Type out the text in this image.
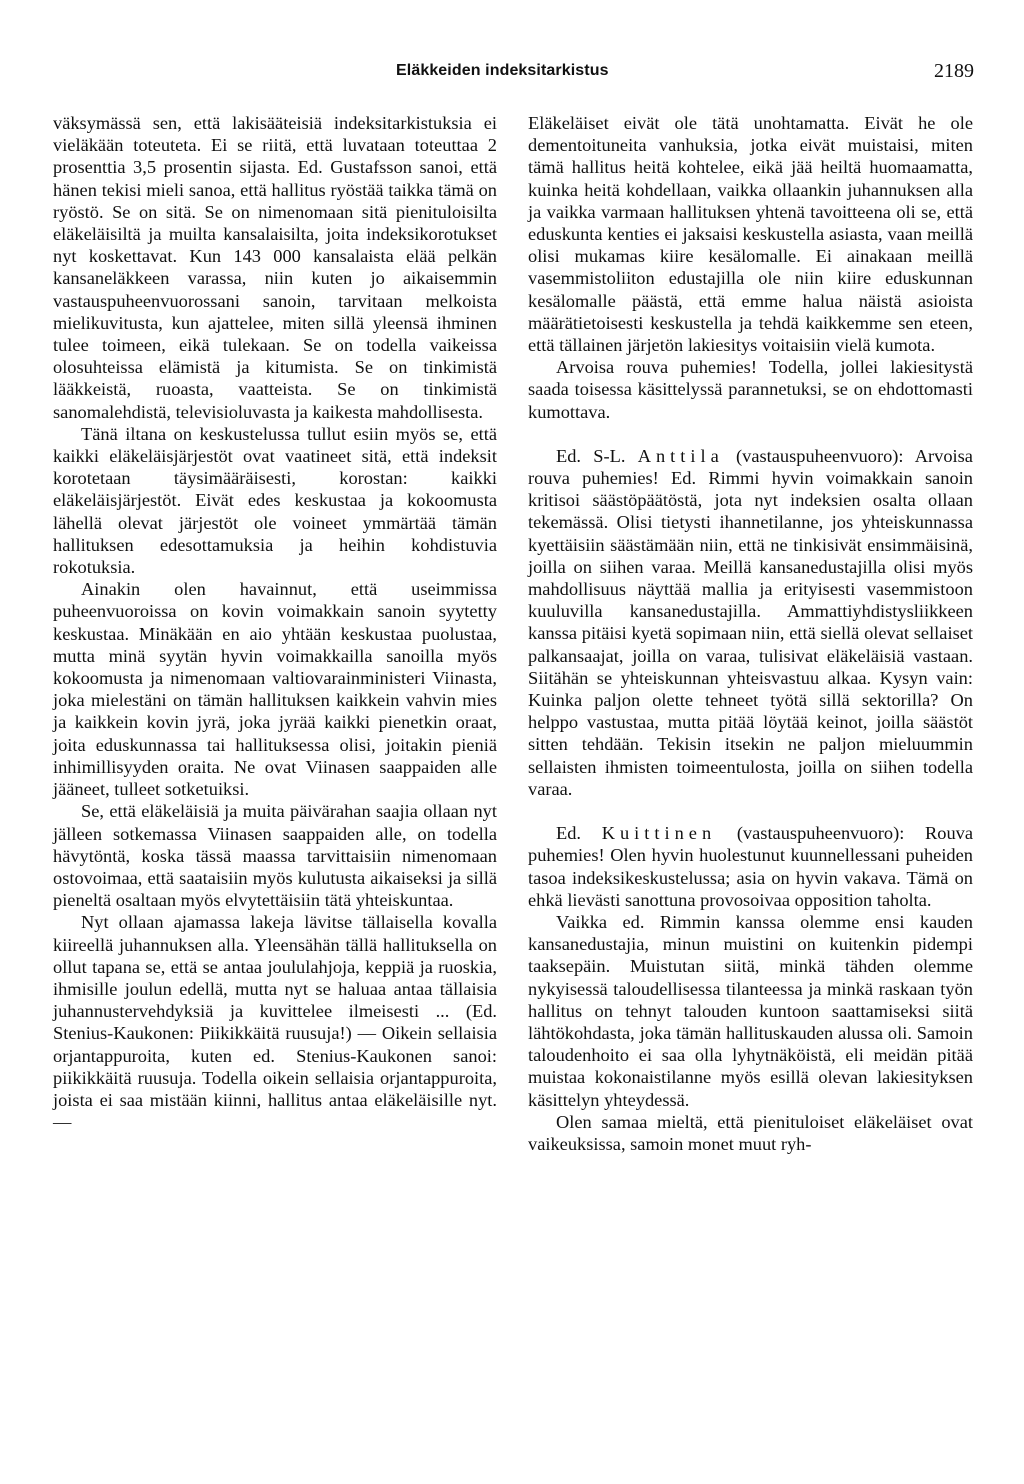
Eläkkeiden indeksitarkistus	2189

väksymässä sen, että lakisääteisiä indeksitarkistuksia ei vieläkään toteuteta. Ei se riitä, että luvataan toteuttaa 2 prosenttia 3,5 prosentin sijasta. Ed. Gustafsson sanoi, että hänen tekisi mieli sanoa, että hallitus ryöstää taikka tämä on ryöstö. Se on sitä. Se on nimenomaan sitä pienituloisilta eläkeläisiltä ja muilta kansalaisilta, joita indeksikorotukset nyt koskettavat. Kun 143 000 kansalaista elää pelkän kansaneläkkeen varassa, niin kuten jo aikaisemmin vastauspuheenvuorossani sanoin, tarvitaan melkoista mielikuvitusta, kun ajattelee, miten sillä yleensä ihminen tulee toimeen, eikä tulekaan. Se on todella vaikeissa olosuhteissa elämistä ja kitumista. Se on tinkimistä lääkkeistä, ruoasta, vaatteista. Se on tinkimistä sanomalehdistä, televisioluvasta ja kaikesta mahdollisesta.

Tänä iltana on keskustelussa tullut esiin myös se, että kaikki eläkeläisjärjestöt ovat vaatineet sitä, että indeksit korotetaan täysimääräisesti, korostan: kaikki eläkeläisjärjestöt. Eivät edes keskustaa ja kokoomusta lähellä olevat järjestöt ole voineet ymmärtää tämän hallituksen edesottamuksia ja heihin kohdistuvia rokotuksia.

Ainakin olen havainnut, että useimmissa puheenvuoroissa on kovin voimakkain sanoin syytetty keskustaa. Minäkään en aio yhtään keskustaa puolustaa, mutta minä syytän hyvin voimakkailla sanoilla myös kokoomusta ja nimenomaan valtiovarainministeri Viinasta, joka mielestäni on tämän hallituksen kaikkein vahvin mies ja kaikkein kovin jyrä, joka jyrää kaikki pienetkin oraat, joita eduskunnassa tai hallituksessa olisi, joitakin pieniä inhimillisyyden oraita. Ne ovat Viinasen saappaiden alle jääneet, tulleet sotketuiksi.

Se, että eläkeläisiä ja muita päivärahan saajia ollaan nyt jälleen sotkemassa Viinasen saappaiden alle, on todella hävytöntä, koska tässä maassa tarvittaisiin nimenomaan ostovoimaa, että saataisiin myös kulutusta aikaiseksi ja sillä pieneltä osaltaan myös elvytettäisiin tätä yhteiskuntaa.

Nyt ollaan ajamassa lakeja lävitse tällaisella kovalla kiireellä juhannuksen alla. Yleensähän tällä hallituksella on ollut tapana se, että se antaa joululahjoja, keppiä ja ruoskia, ihmisille joulun edellä, mutta nyt se haluaa antaa tällaisia juhannustervehdyksiä ja kuvittelee ilmeisesti ... (Ed. Stenius-Kaukonen: Piikikkäitä ruusuja!) — Oikein sellaisia orjantappuroita, kuten ed. Stenius-Kaukonen sanoi: piikikkäitä ruusuja. Todella oikein sellaisia orjantappuroita, joista ei saa mistään kiinni, hallitus antaa eläkeläisille nyt. —

Eläkeläiset eivät ole tätä unohtamatta. Eivät he ole dementoituneita vanhuksia, jotka eivät muistaisi, miten tämä hallitus heitä kohtelee, eikä jää heiltä huomaamatta, kuinka heitä kohdellaan, vaikka ollaankin juhannuksen alla ja vaikka varmaan hallituksen yhtenä tavoitteena oli se, että eduskunta kenties ei jaksaisi keskustella asiasta, vaan meillä olisi mukamas kiire kesälomalle. Ei ainakaan meillä vasemmistoliiton edustajilla ole niin kiire eduskunnan kesälomalle päästä, että emme halua näistä asioista määrätietoisesti keskustella ja tehdä kaikkemme sen eteen, että tällainen järjetön lakiesitys voitaisiin vielä kumota.

Arvoisa rouva puhemies! Todella, jollei lakiesitystä saada toisessa käsittelyssä parannetuksi, se on ehdottomasti kumottava.

Ed. S-L. Anttila (vastauspuheenvuoro): Arvoisa rouva puhemies! Ed. Rimmi hyvin voimakkain sanoin kritisoi säästöpäätöstä, jota nyt indeksien osalta ollaan tekemässä. Olisi tietysti ihannetilanne, jos yhteiskunnassa kyettäisiin säästämään niin, että ne tinkisivät ensimmäisinä, joilla on siihen varaa. Meillä kansanedustajilla olisi myös mahdollisuus näyttää mallia ja erityisesti vasemmistoon kuuluvilla kansanedustajilla. Ammattiyhdistysliikkeen kanssa pitäisi kyetä sopimaan niin, että siellä olevat sellaiset palkansaajat, joilla on varaa, tulisivat eläkeläisiä vastaan. Siitähän se yhteiskunnan yhteisvastuu alkaa. Kysyn vain: Kuinka paljon olette tehneet työtä sillä sektorilla? On helppo vastustaa, mutta pitää löytää keinot, joilla säästöt sitten tehdään. Tekisin itsekin ne paljon mieluummin sellaisten ihmisten toimeentulosta, joilla on siihen todella varaa.

Ed. Kuittinen (vastauspuheenvuoro): Rouva puhemies! Olen hyvin huolestunut kuunnellessani puheiden tasoa indeksikeskustelussa; asia on hyvin vakava. Tämä on ehkä lievästi sanottuna provosoivaa opposition taholta.

Vaikka ed. Rimmin kanssa olemme ensi kauden kansanedustajia, minun muistini on kuitenkin pidempi taaksepäin. Muistutan siitä, minkä tähden olemme nykyisessä taloudellisessa tilanteessa ja minkä raskaan työn hallitus on tehnyt talouden kuntoon saattamiseksi siitä lähtökohdasta, joka tämän hallituskauden alussa oli. Samoin taloudenhoito ei saa olla lyhytnäköistä, eli meidän pitää muistaa kokonaistilanne myös esillä olevan lakiesityksen käsittelyn yhteydessä.

Olen samaa mieltä, että pienituloiset eläkeläiset ovat vaikeuksissa, samoin monet muut ryh-
